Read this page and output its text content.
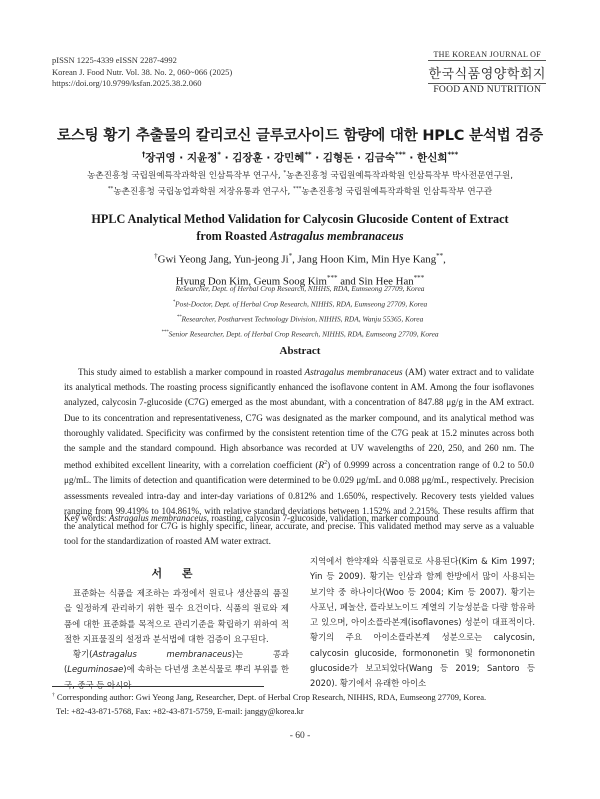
pISSN 1225-4339 eISSN 2287-4992
Korean J. Food Nutr. Vol. 38. No. 2, 060~066 (2025)
https://doi.org/10.9799/ksfan.2025.38.2.060
THE KOREAN JOURNAL OF
한국식품영양학회지
FOOD AND NUTRITION
로스팅 황기 추출물의 칼리코신 글루코사이드 함량에 대한 HPLC 분석법 검증
†장귀영 · 지윤정* · 김장훈 · 강민혜** · 김형돈 · 김금숙*** · 한신희***
농촌진흥청 국립원예특작과학원 인삼특작부 연구사, *농촌진흥청 국립원예특작과학원 인삼특작부 박사전문연구원,
**농촌진흥청 국립농업과학원 저장유통과 연구사, ***농촌진흥청 국립원예특작과학원 인삼특작부 연구관
HPLC Analytical Method Validation for Calycosin Glucoside Content of Extract
from Roasted Astragalus membranaceus
†Gwi Yeong Jang, Yun-jeong Ji*, Jang Hoon Kim, Min Hye Kang**,
Hyung Don Kim, Geum Soog Kim*** and Sin Hee Han***
Researcher, Dept. of Herbal Crop Research, NIHHS, RDA, Eumseong 27709, Korea
*Post-Doctor, Dept. of Herbal Crop Research, NIHHS, RDA, Eumseong 27709, Korea
**Researcher, Postharvest Technology Division, NIHHS, RDA, Wanju 55365, Korea
***Senior Researcher, Dept. of Herbal Crop Research, NIHHS, RDA, Eumseong 27709, Korea
Abstract
This study aimed to establish a marker compound in roasted Astragalus membranaceus (AM) water extract and to validate its analytical methods. The roasting process significantly enhanced the isoflavone content in AM. Among the four isoflavones analyzed, calycosin 7-glucoside (C7G) emerged as the most abundant, with a concentration of 847.88 μg/g in the AM extract. Due to its concentration and representativeness, C7G was designated as the marker compound, and its analytical method was thoroughly validated. Specificity was confirmed by the consistent retention time of the C7G peak at 15.2 minutes across both the sample and the standard compound. High absorbance was recorded at UV wavelengths of 220, 250, and 260 nm. The method exhibited excellent linearity, with a correlation coefficient $(R^2)$ of 0.9999 across a concentration range of 0.2 to 50.0 μg/mL. The limits of detection and quantification were determined to be 0.029 μg/mL and 0.088 μg/mL, respectively. Precision assessments revealed intra-day and inter-day variations of 0.812% and 1.650%, respectively. Recovery tests yielded values ranging from 99.419% to 104.861%, with relative standard deviations between 1.152% and 2.215%. These results affirm that the analytical method for C7G is highly specific, linear, accurate, and precise. This validated method may serve as a valuable tool for the standardization of roasted AM water extract.
Key words: Astragalus membranaceus, roasting, calycosin 7-glucoside, validation, marker compound
서 론

표준화는 식품을 제조하는 과정에서 원료나 생산품의 품질을 일정하게 관리하기 위한 필수 요건이다. 식품의 원료와 제품에 대한 표준화를 목적으로 관리기준을 확립하기 위하여 적절한 지표물질의 설정과 분석법에 대한 검증이 요구된다.

황기(Astragalus membranaceus)는 콩과(Leguminosae)에 속하는 다년생 초본식물로 뿌리 부위를 한국, 중국 등 아시아

지역에서 한약재와 식품원료로 사용된다(Kim & Kim 1997; Yin 등 2009). 황기는 인삼과 함께 한방에서 많이 사용되는 보기약 중 하나이다(Woo 등 2004; Kim 등 2007). 황기는 사포닌, 페놀산, 플라보노이드 계열의 기능성분을 다량 함유하고 있으며, 아이소플라본계(isoflavones) 성분이 대표적이다. 황기의 주요 아이소플라본계 성분으로는 calycosin, calycosin glucoside, formononetin 및 formononetin glucoside가 보고되었다(Wang 등 2019; Santoro 등 2020). 황기에서 유래한 아이소

† Corresponding author: Gwi Yeong Jang, Researcher, Dept. of Herbal Crop Research, NIHHS, RDA, Eumseong 27709, Korea.
Tel: +82-43-871-5768, Fax: +82-43-871-5759, E-mail: janggy@korea.kr
- 60 -
